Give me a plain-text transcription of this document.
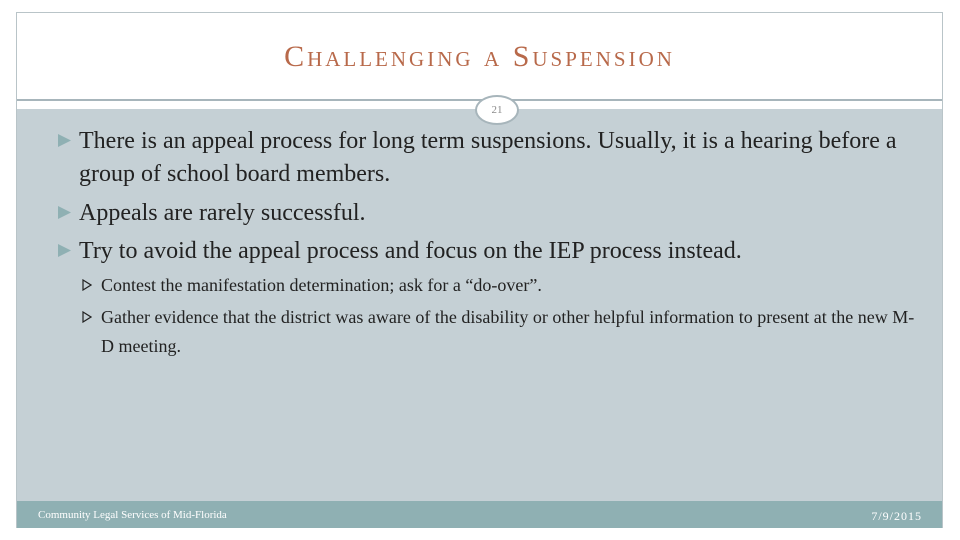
Challenging a Suspension
21
There is an appeal process for long term suspensions. Usually, it is a hearing before a group of school board members.
Appeals are rarely successful.
Try to avoid the appeal process and focus on the IEP process instead.
Contest the manifestation determination; ask for a “do-over”.
Gather evidence that the district was aware of the disability or other helpful information to present at the new M-D meeting.
Community Legal Services of Mid-Florida	7/9/2015
